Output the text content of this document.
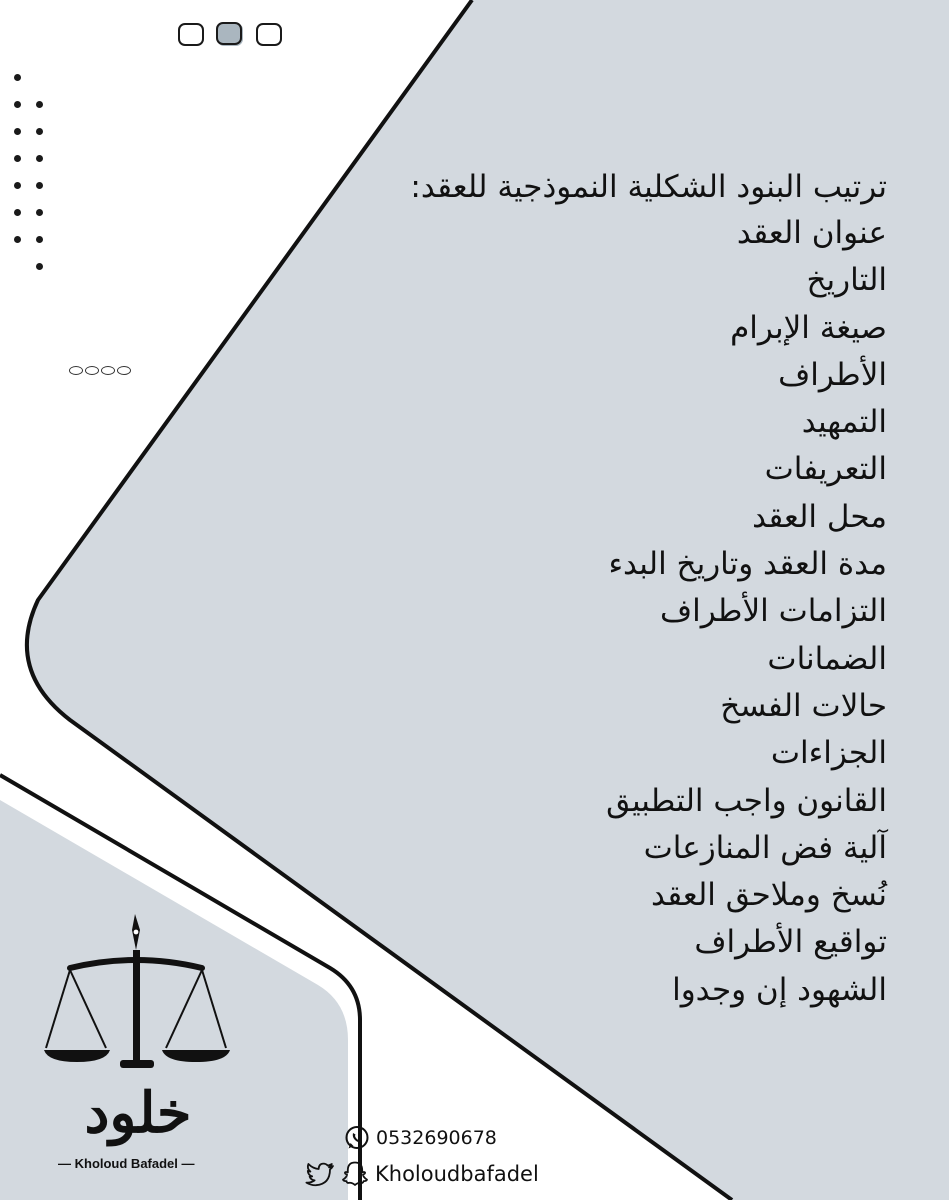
ترتيب البنود الشكلية النموذجية للعقد:
عنوان العقد
التاريخ
صيغة الإبرام
الأطراف
التمهيد
التعريفات
محل العقد
مدة العقد وتاريخ البدء
التزامات الأطراف
الضمانات
حالات الفسخ
الجزاءات
القانون واجب التطبيق
آلية فض المنازعات
نُسخ وملاحق العقد
تواقيع الأطراف
الشهود إن وجدوا
خلود
— Kholoud Bafadel —
0532690678
Kholoudbafadel
